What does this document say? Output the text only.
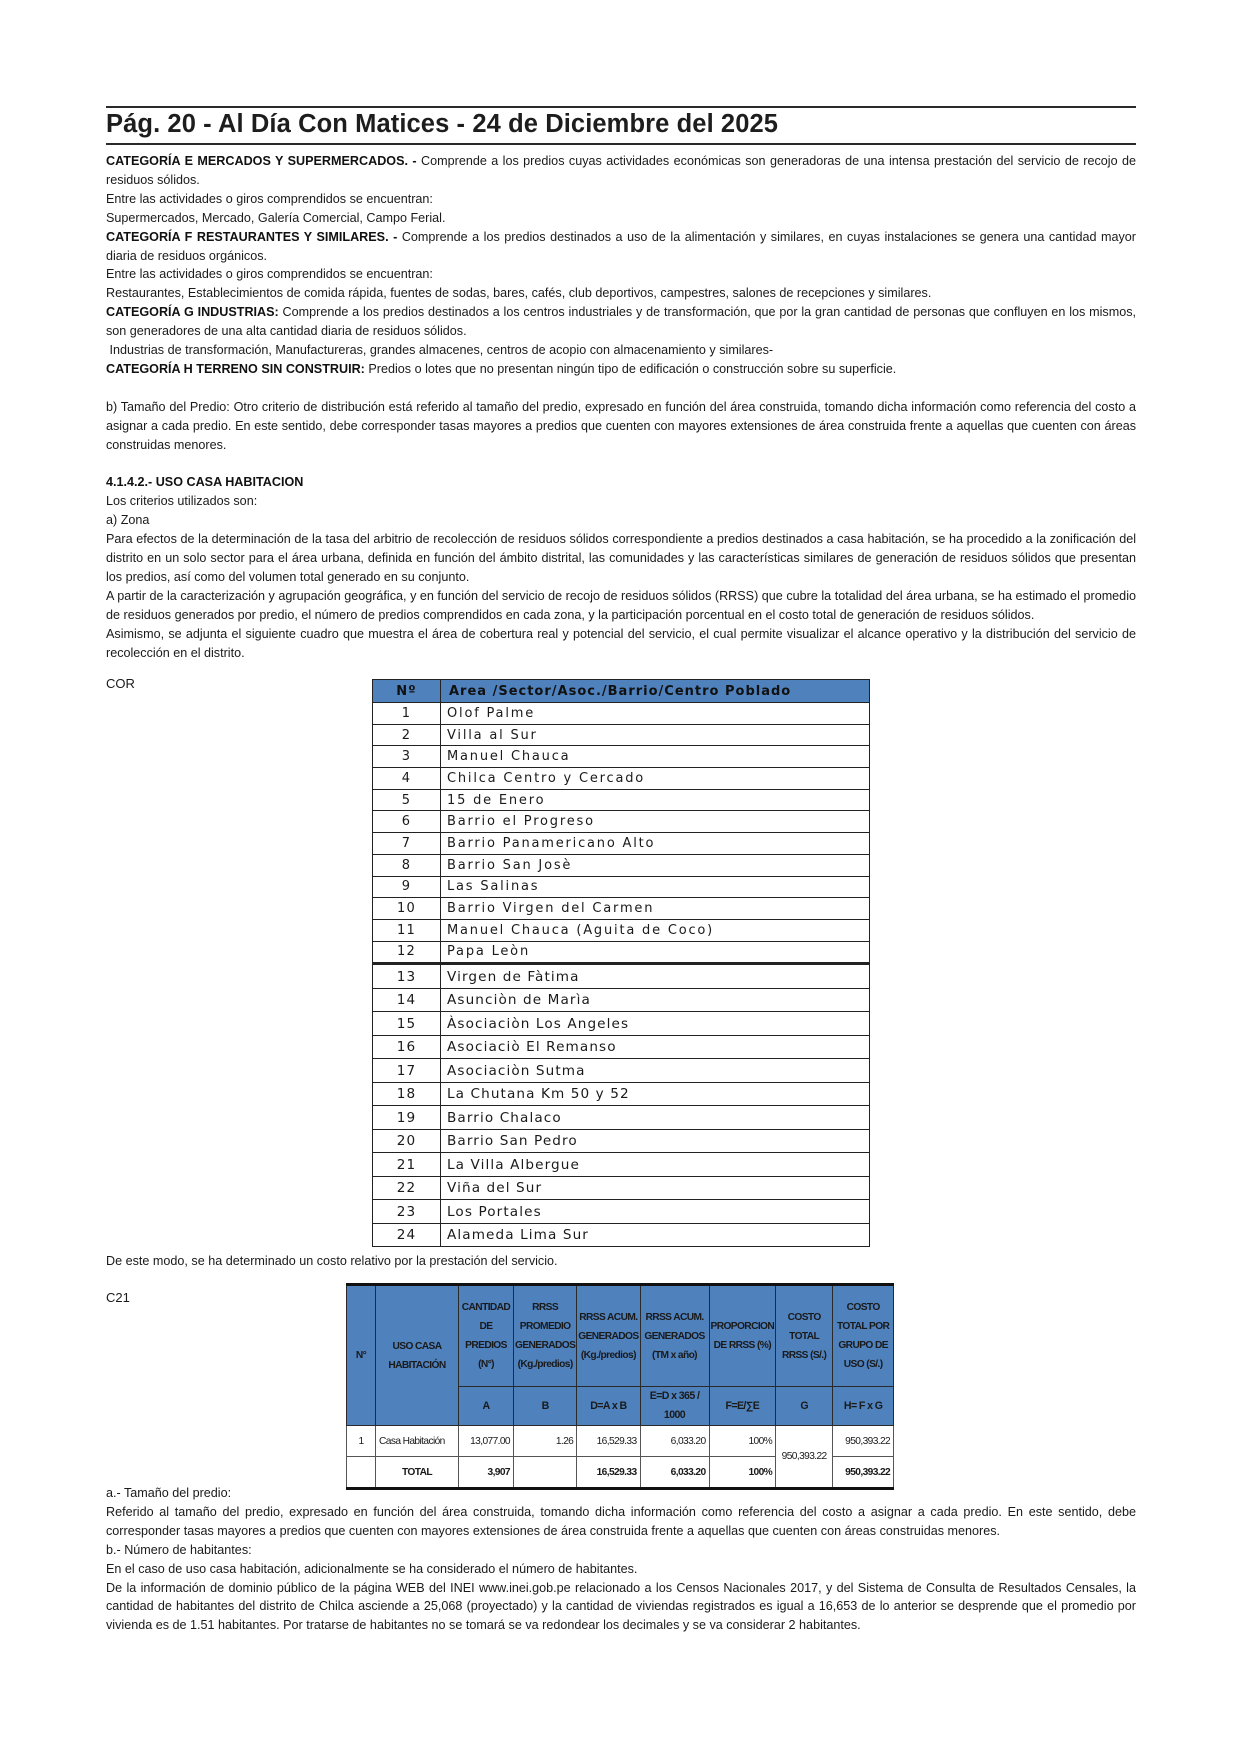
Pág. 20 - Al Día Con Matices - 24 de Diciembre del 2025

CATEGORÍA E MERCADOS Y SUPERMERCADOS. - Comprende a los predios cuyas actividades económicas son generadoras de una intensa prestación del servicio de recojo de residuos sólidos.

Entre las actividades o giros comprendidos se encuentran:

Supermercados, Mercado, Galería Comercial, Campo Ferial.

CATEGORÍA F RESTAURANTES Y SIMILARES. - Comprende a los predios destinados a uso de la alimentación y similares, en cuyas instalaciones se genera una cantidad mayor diaria de residuos orgánicos.

Entre las actividades o giros comprendidos se encuentran:

Restaurantes, Establecimientos de comida rápida, fuentes de sodas, bares, cafés, club deportivos, campestres, salones de recepciones y similares.

CATEGORÍA G INDUSTRIAS: Comprende a los predios destinados a los centros industriales y de transformación, que por la gran cantidad de personas que confluyen en los mismos, son generadores de una alta cantidad diaria de residuos sólidos.

Industrias de transformación, Manufactureras, grandes almacenes, centros de acopio con almacenamiento y similares-

CATEGORÍA H TERRENO SIN CONSTRUIR: Predios o lotes que no presentan ningún tipo de edificación o construcción sobre su superficie.

b) Tamaño del Predio: Otro criterio de distribución está referido al tamaño del predio, expresado en función del área construida, tomando dicha información como referencia del costo a asignar a cada predio. En este sentido, debe corresponder tasas mayores a predios que cuenten con mayores extensiones de área construida frente a aquellas que cuenten con áreas construidas menores.

4.1.4.2.- USO CASA HABITACION

Los criterios utilizados son:

a) Zona

Para efectos de la determinación de la tasa del arbitrio de recolección de residuos sólidos correspondiente a predios destinados a casa habitación, se ha procedido a la zonificación del distrito en un solo sector para el área urbana, definida en función del ámbito distrital, las comunidades y las características similares de generación de residuos sólidos que presentan los predios, así como del volumen total generado en su conjunto.

A partir de la caracterización y agrupación geográfica, y en función del servicio de recojo de residuos sólidos (RRSS) que cubre la totalidad del área urbana, se ha estimado el promedio de residuos generados por predio, el número de predios comprendidos en cada zona, y la participación porcentual en el costo total de generación de residuos sólidos.

Asimismo, se adjunta el siguiente cuadro que muestra el área de cobertura real y potencial del servicio, el cual permite visualizar el alcance operativo y la distribución del servicio de recolección en el distrito.

COR	Nº	Area /Sector/Asoc./Barrio/Centro Poblado
1	Olof Palme
2	Villa al Sur
3	Manuel Chauca
4	Chilca Centro y Cercado
5	15 de Enero
6	Barrio el Progreso
7	Barrio Panamericano Alto
8	Barrio San Josè
9	Las Salinas
10	Barrio Virgen del Carmen
11	Manuel Chauca (Aguita de Coco)
12	Papa Leòn
13	Virgen de Fàtima
14	Asunciòn de Marìa
15	Àsociaciòn Los Angeles
16	Asociaciò El Remanso
17	Asociaciòn Sutma
18	La Chutana Km 50 y 52
19	Barrio Chalaco
20	Barrio San Pedro
21	La Villa Albergue
22	Viña del Sur
23	Los Portales
24	Alameda Lima Sur
De este modo, se ha determinado un costo relativo por la prestación del servicio.
C21
N°	USO CASA HABITACIÓN	CANTIDAD DE PREDIOS (N°)	RRSS PROMEDIO GENERADOS (Kg./predios)	RRSS ACUM. GENERADOS (Kg./predios)	RRSS ACUM. GENERADOS (TM x año)	PROPORCION DE RRSS (%)	COSTO TOTAL RRSS (S/.)	COSTO TOTAL POR GRUPO DE USO (S/.)
		A	B	D=A x B	E=D x 365 / 1000	F=E/∑E	G	H= F x G
1	Casa Habitación	13,077.00	1.26	16,529.33	6,033.20	100%	950,393.22	950,393.22
	TOTAL	3,907		16,529.33	6,033.20	100%		950,393.22

a.- Tamaño del predio:

Referido al tamaño del predio, expresado en función del área construida, tomando dicha información como referencia del costo a asignar a cada predio. En este sentido, debe corresponder tasas mayores a predios que cuenten con mayores extensiones de área construida frente a aquellas que cuenten con áreas construidas menores.

b.- Número de habitantes:

En el caso de uso casa habitación, adicionalmente se ha considerado el número de habitantes.

De la información de dominio público de la página WEB del INEI www.inei.gob.pe relacionado a los Censos Nacionales 2017, y del Sistema de Consulta de Resultados Censales, la cantidad de habitantes del distrito de Chilca asciende a 25,068 (proyectado) y la cantidad de viviendas registrados es igual a 16,653 de lo anterior se desprende que el promedio por vivienda es de 1.51 habitantes. Por tratarse de habitantes no se tomará se va redondear los decimales y se va considerar 2 habitantes.
